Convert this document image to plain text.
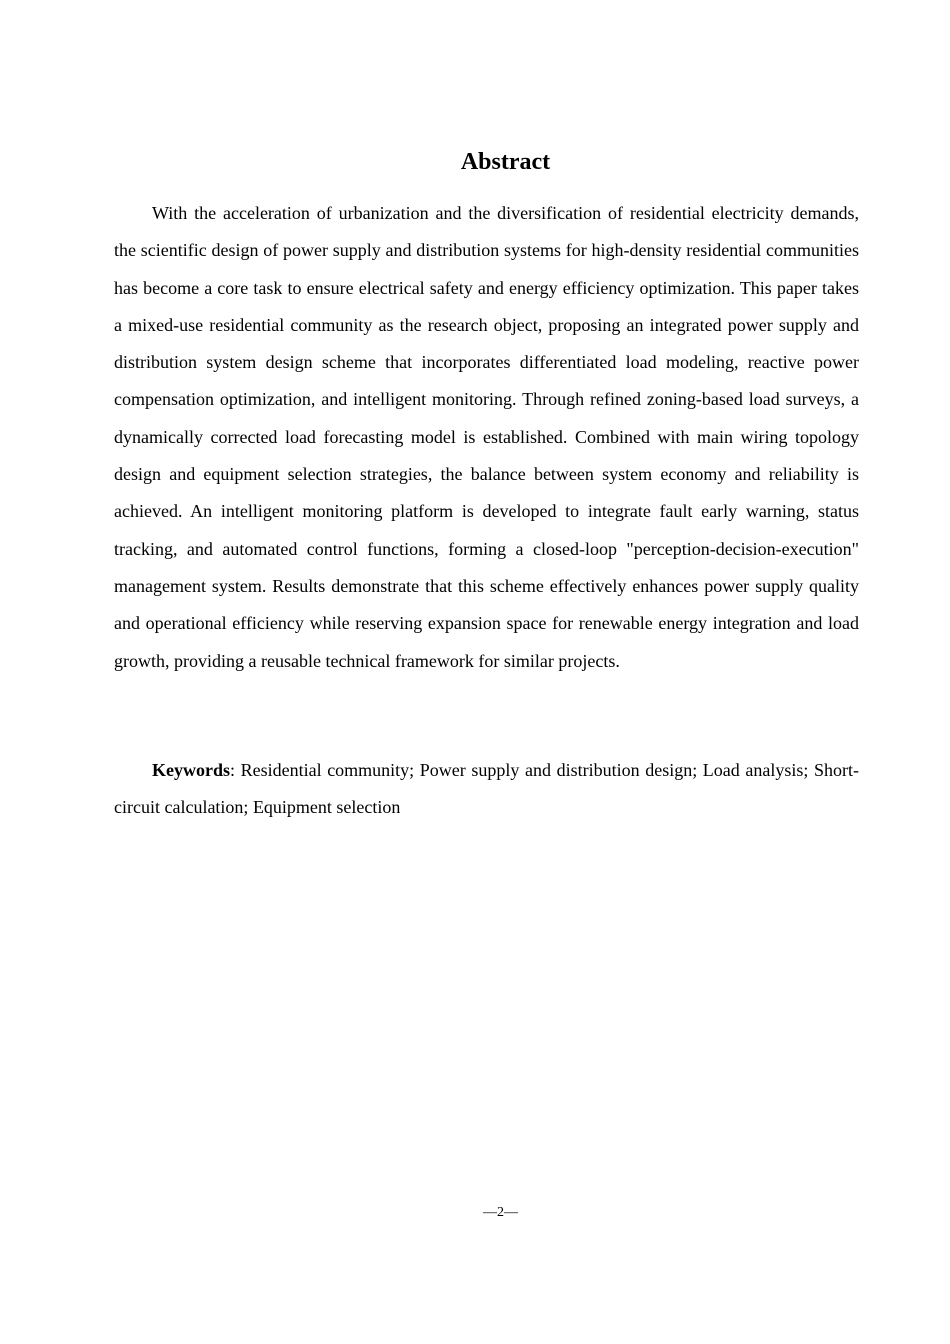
Abstract

With the acceleration of urbanization and the diversification of residential electricity demands, the scientific design of power supply and distribution systems for high-density residential communities has become a core task to ensure electrical safety and energy efficiency optimization. This paper takes a mixed-use residential community as the research object, proposing an integrated power supply and distribution system design scheme that incorporates differentiated load modeling, reactive power compensation optimization, and intelligent monitoring. Through refined zoning-based load surveys, a dynamically corrected load forecasting model is established. Combined with main wiring topology design and equipment selection strategies, the balance between system economy and reliability is achieved. An intelligent monitoring platform is developed to integrate fault early warning, status tracking, and automated control functions, forming a closed-loop "perception-decision-execution" management system. Results demonstrate that this scheme effectively enhances power supply quality and operational efficiency while reserving expansion space for renewable energy integration and load growth, providing a reusable technical framework for similar projects.

Keywords: Residential community; Power supply and distribution design; Load analysis; Short-circuit calculation; Equipment selection

—2—
